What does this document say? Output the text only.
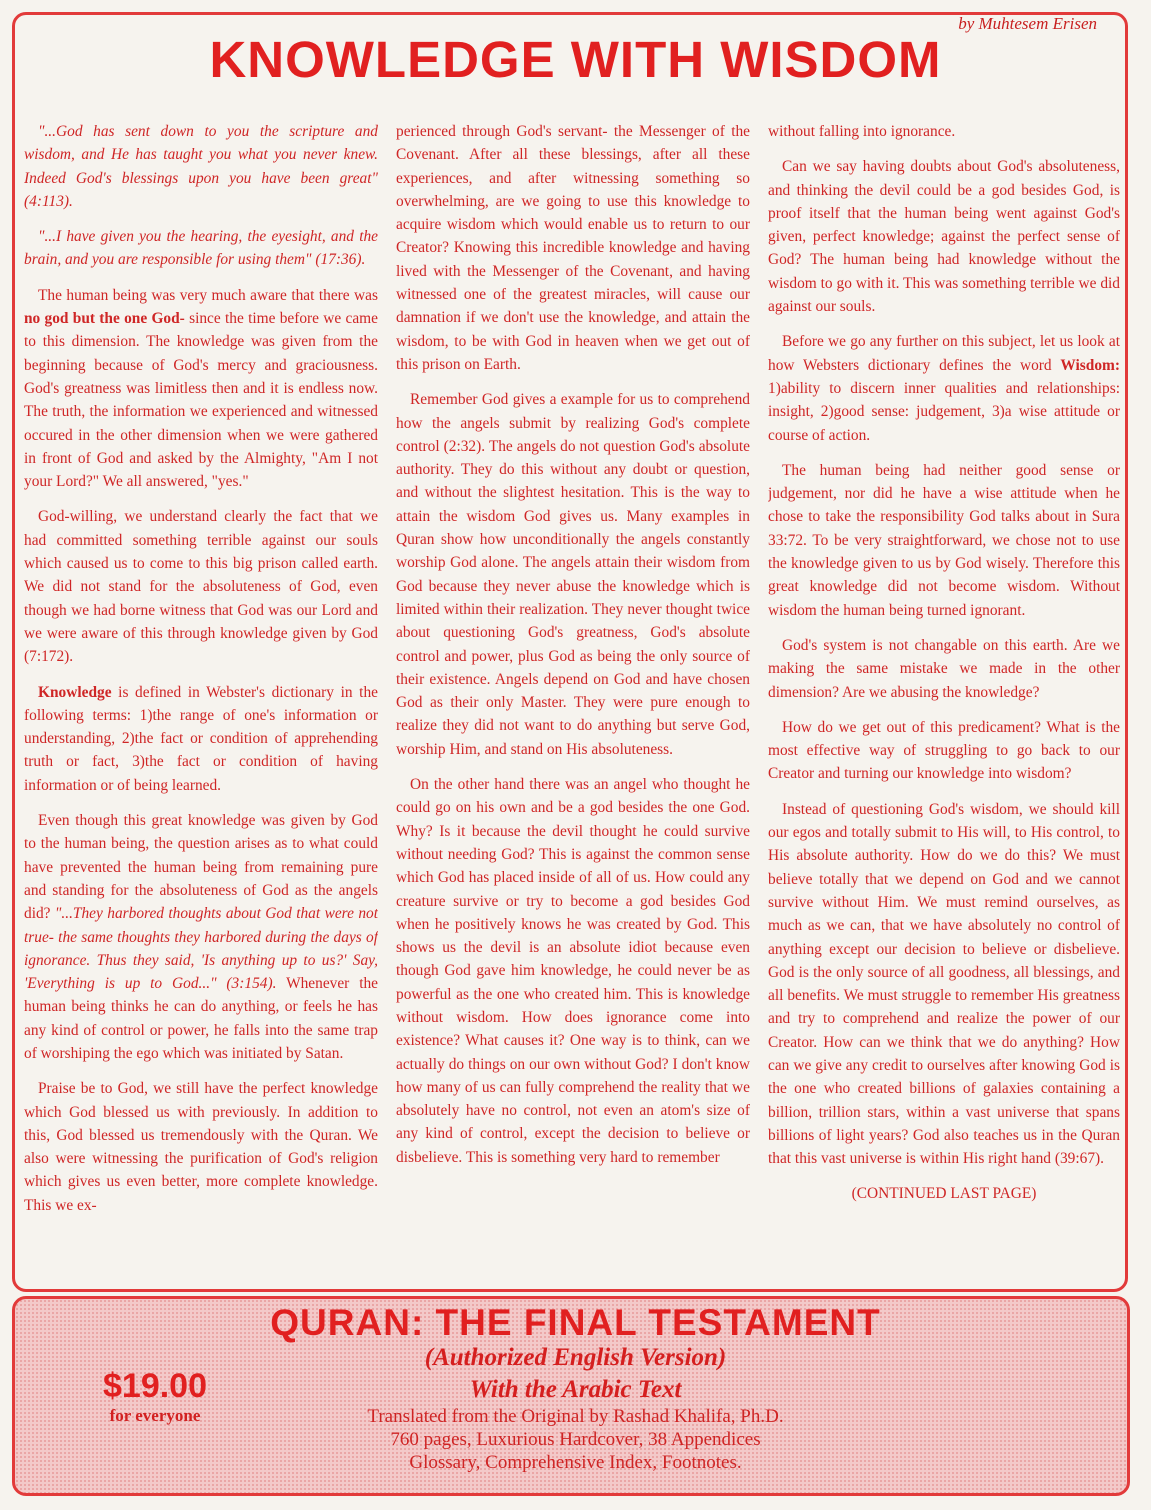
by Muhtesem Erisen
KNOWLEDGE WITH WISDOM

"...God has sent down to you the scripture and wisdom, and He has taught you what you never knew. Indeed God's blessings upon you have been great" (4:113).

"...I have given you the hearing, the eyesight, and the brain, and you are responsible for using them" (17:36).

The human being was very much aware that there was no god but the one God- since the time before we came to this dimension. The knowledge was given from the beginning because of God's mercy and graciousness. God's greatness was limitless then and it is endless now. The truth, the information we experienced and witnessed occured in the other dimension when we were gathered in front of God and asked by the Almighty, "Am I not your Lord?" We all answered, "yes."

God-willing, we understand clearly the fact that we had committed something terrible against our souls which caused us to come to this big prison called earth. We did not stand for the absoluteness of God, even though we had borne witness that God was our Lord and we were aware of this through knowledge given by God (7:172).

Knowledge is defined in Webster's dictionary in the following terms: 1)the range of one's information or understanding, 2)the fact or condition of apprehending truth or fact, 3)the fact or condition of having information or of being learned.

Even though this great knowledge was given by God to the human being, the question arises as to what could have prevented the human being from remaining pure and standing for the absoluteness of God as the angels did? "...They harbored thoughts about God that were not true- the same thoughts they harbored during the days of ignorance. Thus they said, 'Is anything up to us?' Say, 'Everything is up to God..." (3:154). Whenever the human being thinks he can do anything, or feels he has any kind of control or power, he falls into the same trap of worshiping the ego which was initiated by Satan.

Praise be to God, we still have the perfect knowledge which God blessed us with previously. In addition to this, God blessed us tremendously with the Quran. We also were witnessing the purification of God's religion which gives us even better, more complete knowledge. This we ex-

perienced through God's servant- the Messenger of the Covenant. After all these blessings, after all these experiences, and after witnessing something so overwhelming, are we going to use this knowledge to acquire wisdom which would enable us to return to our Creator? Knowing this incredible knowledge and having lived with the Messenger of the Covenant, and having witnessed one of the greatest miracles, will cause our damnation if we don't use the knowledge, and attain the wisdom, to be with God in heaven when we get out of this prison on Earth.

Remember God gives a example for us to comprehend how the angels submit by realizing God's complete control (2:32). The angels do not question God's absolute authority. They do this without any doubt or question, and without the slightest hesitation. This is the way to attain the wisdom God gives us. Many examples in Quran show how unconditionally the angels constantly worship God alone. The angels attain their wisdom from God because they never abuse the knowledge which is limited within their realization. They never thought twice about questioning God's greatness, God's absolute control and power, plus God as being the only source of their existence. Angels depend on God and have chosen God as their only Master. They were pure enough to realize they did not want to do anything but serve God, worship Him, and stand on His absoluteness.

On the other hand there was an angel who thought he could go on his own and be a god besides the one God. Why? Is it because the devil thought he could survive without needing God? This is against the common sense which God has placed inside of all of us. How could any creature survive or try to become a god besides God when he positively knows he was created by God. This shows us the devil is an absolute idiot because even though God gave him knowledge, he could never be as powerful as the one who created him. This is knowledge without wisdom. How does ignorance come into existence? What causes it? One way is to think, can we actually do things on our own without God? I don't know how many of us can fully comprehend the reality that we absolutely have no control, not even an atom's size of any kind of control, except the decision to believe or disbelieve. This is something very hard to remember

without falling into ignorance.

Can we say having doubts about God's absoluteness, and thinking the devil could be a god besides God, is proof itself that the human being went against God's given, perfect knowledge; against the perfect sense of God? The human being had knowledge without the wisdom to go with it. This was something terrible we did against our souls.

Before we go any further on this subject, let us look at how Websters dictionary defines the word Wisdom: 1)ability to discern inner qualities and relationships: insight, 2)good sense: judgement, 3)a wise attitude or course of action.

The human being had neither good sense or judgement, nor did he have a wise attitude when he chose to take the responsibility God talks about in Sura 33:72. To be very straightforward, we chose not to use the knowledge given to us by God wisely. Therefore this great knowledge did not become wisdom. Without wisdom the human being turned ignorant.

God's system is not changable on this earth. Are we making the same mistake we made in the other dimension? Are we abusing the knowledge?

How do we get out of this predicament? What is the most effective way of struggling to go back to our Creator and turning our knowledge into wisdom?

Instead of questioning God's wisdom, we should kill our egos and totally submit to His will, to His control, to His absolute authority. How do we do this? We must believe totally that we depend on God and we cannot survive without Him. We must remind ourselves, as much as we can, that we have absolutely no control of anything except our decision to believe or disbelieve. God is the only source of all goodness, all blessings, and all benefits. We must struggle to remember His greatness and try to comprehend and realize the power of our Creator. How can we think that we do anything? How can we give any credit to ourselves after knowing God is the one who created billions of galaxies containing a billion, trillion stars, within a vast universe that spans billions of light years? God also teaches us in the Quran that this vast universe is within His right hand (39:67).

(CONTINUED LAST PAGE)

QURAN: THE FINAL TESTAMENT
(Authorized English Version)
With the Arabic Text
Translated from the Original by Rashad Khalifa, Ph.D.
760 pages, Luxurious Hardcover, 38 Appendices
Glossary, Comprehensive Index, Footnotes.
$19.00
for everyone
